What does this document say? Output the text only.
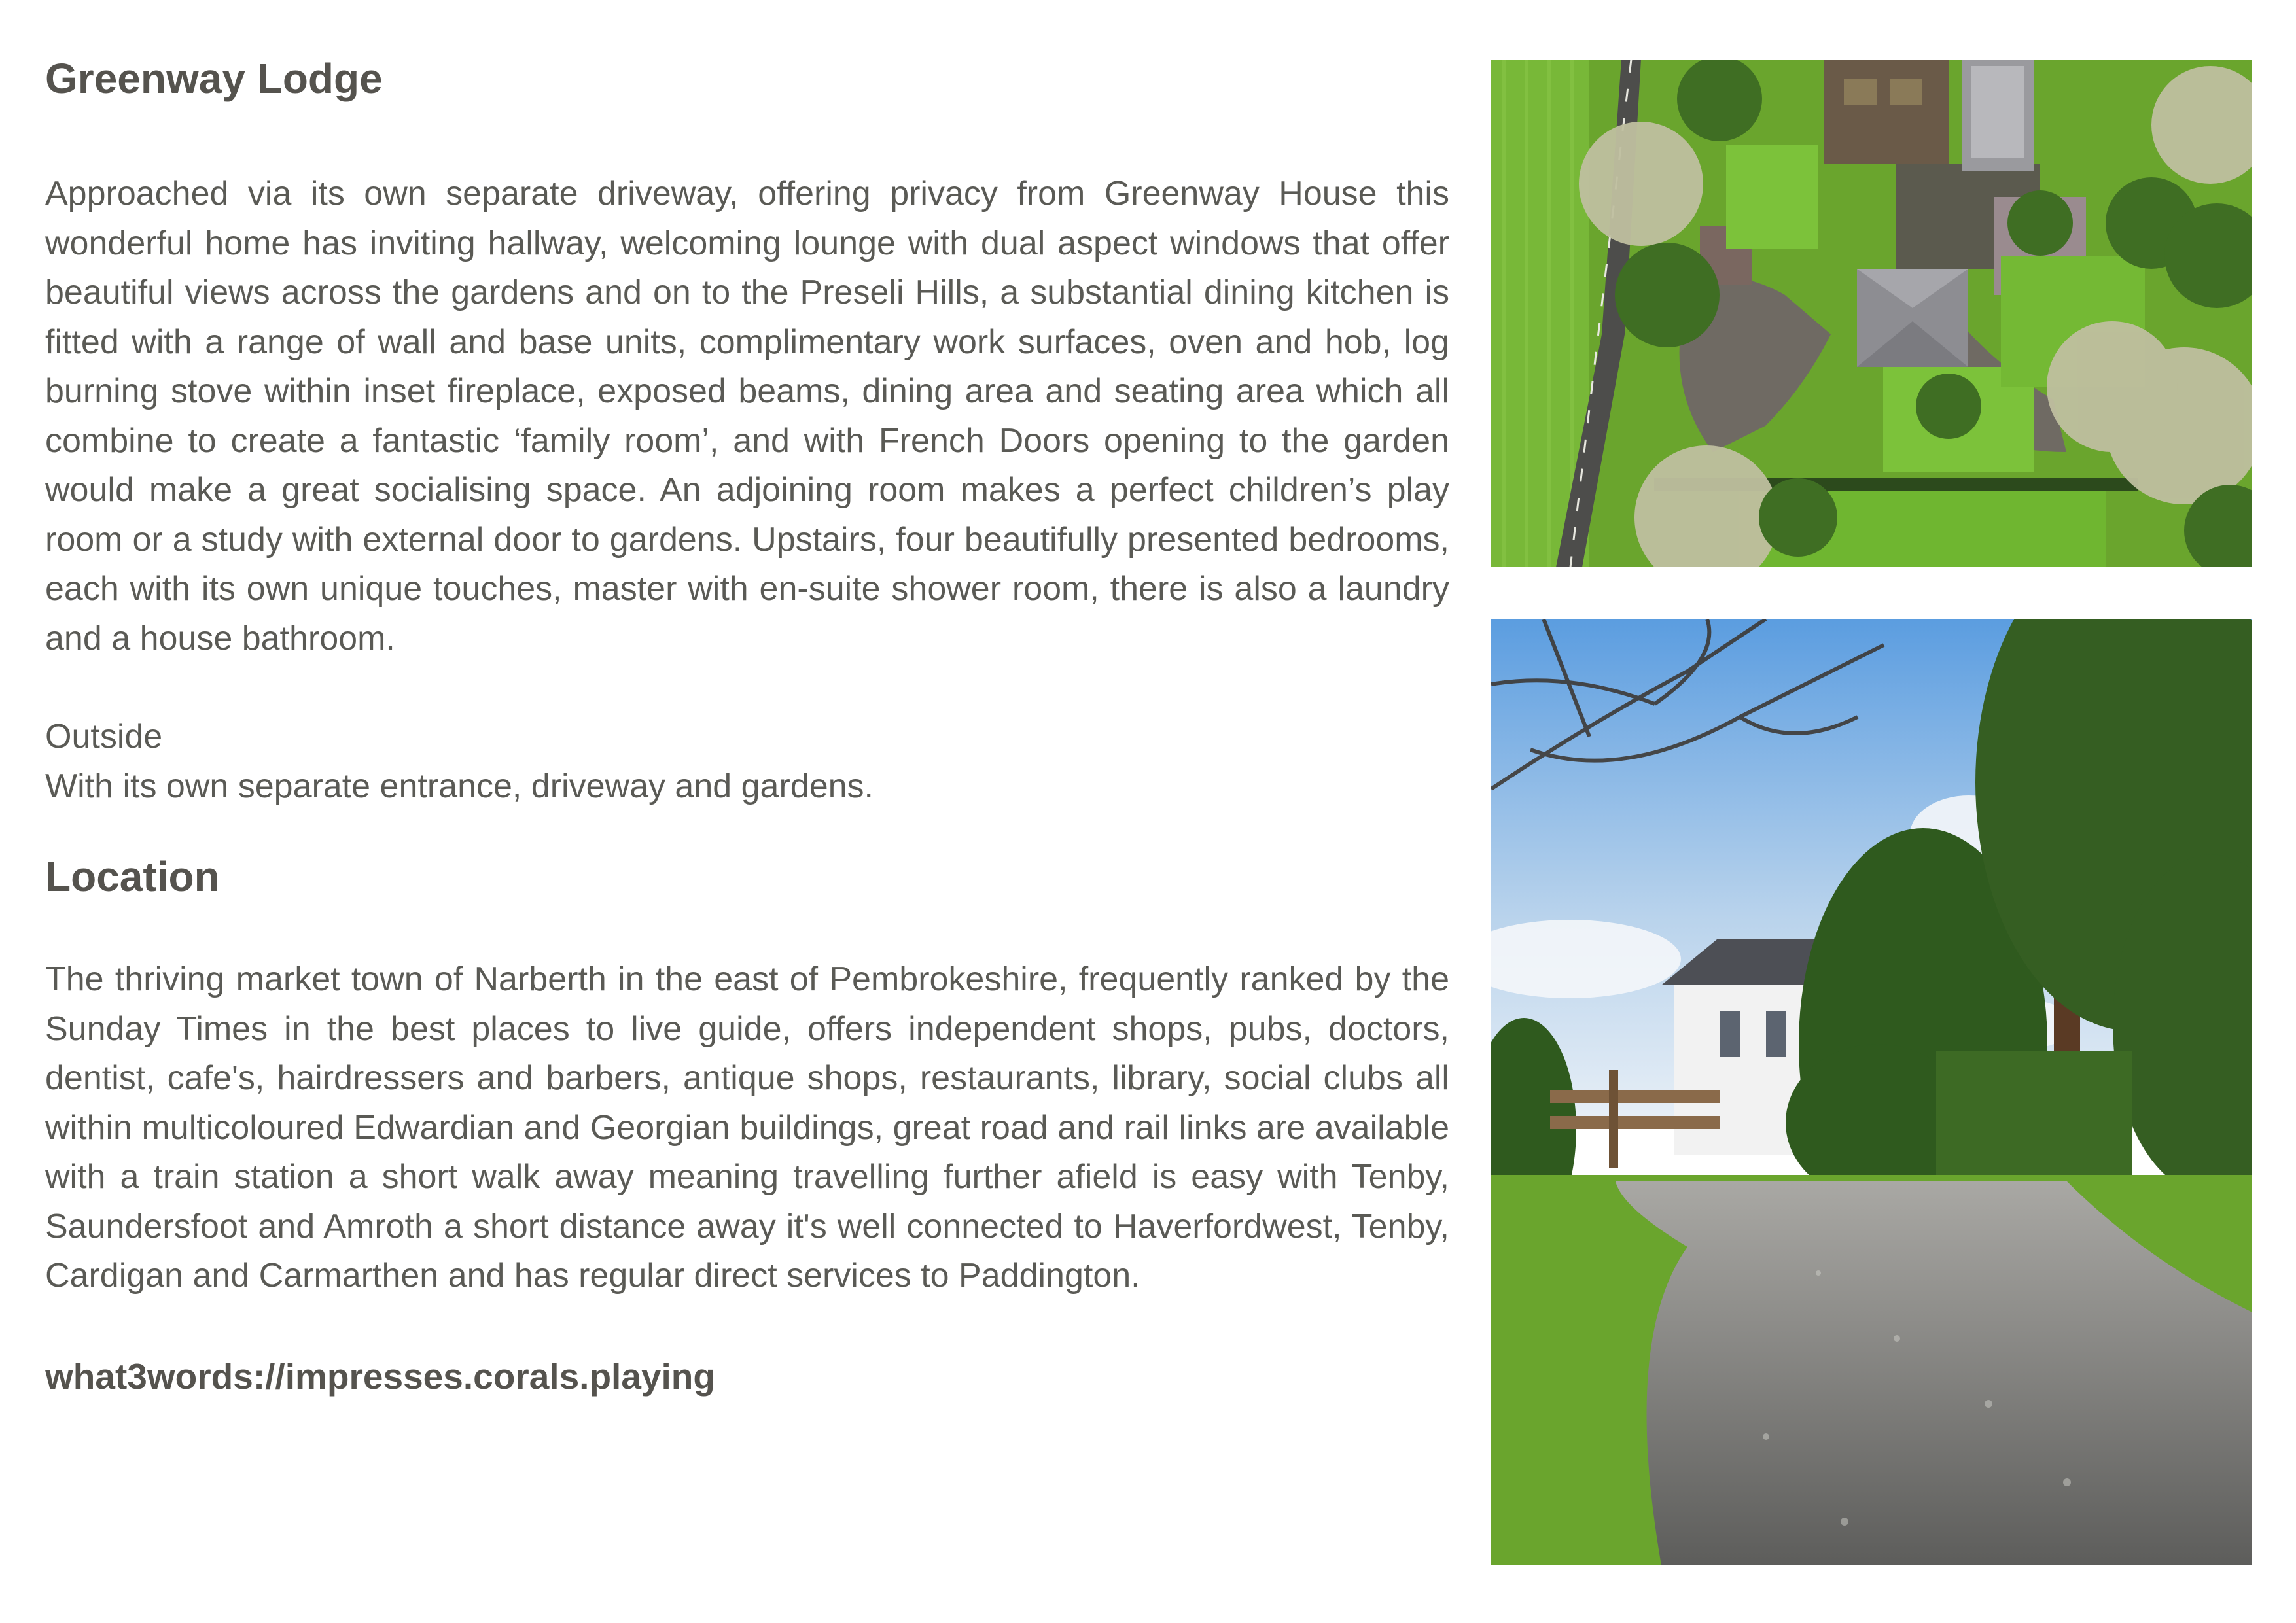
Greenway Lodge

Approached via its own separate driveway, offering privacy from Greenway House this wonderful home has inviting hallway, welcoming lounge with dual aspect windows that offer beautiful views across the gardens and on to the Preseli Hills, a substantial dining kitchen is fitted with a range of wall and base units, complimentary work surfaces, oven and hob, log burning stove within inset fireplace, exposed beams, dining area and seating area which all combine to create a fantastic ‘family room’, and with French Doors opening to the garden would make a great socialising space. An adjoining room makes a perfect children’s play room or a study with external door to gardens. Upstairs, four beautifully presented bedrooms, each with its own unique touches, master with en-suite shower room, there is also a laundry and a house bathroom.

Outside

With its own separate entrance, driveway and gardens.

Location

The thriving market town of Narberth in the east of Pembrokeshire, frequently ranked by the Sunday Times in the best places to live guide, offers independent shops, pubs, doctors, dentist, cafe's, hairdressers and barbers, antique shops, restaurants, library, social clubs all within multicoloured Edwardian and Georgian buildings, great road and rail links are available with a train station a short walk away meaning travelling further afield is easy with Tenby, Saundersfoot and Amroth a short distance away it's well connected to Haverfordwest, Tenby, Cardigan and Carmarthen and has regular direct services to Paddington.

what3words://impresses.corals.playing
